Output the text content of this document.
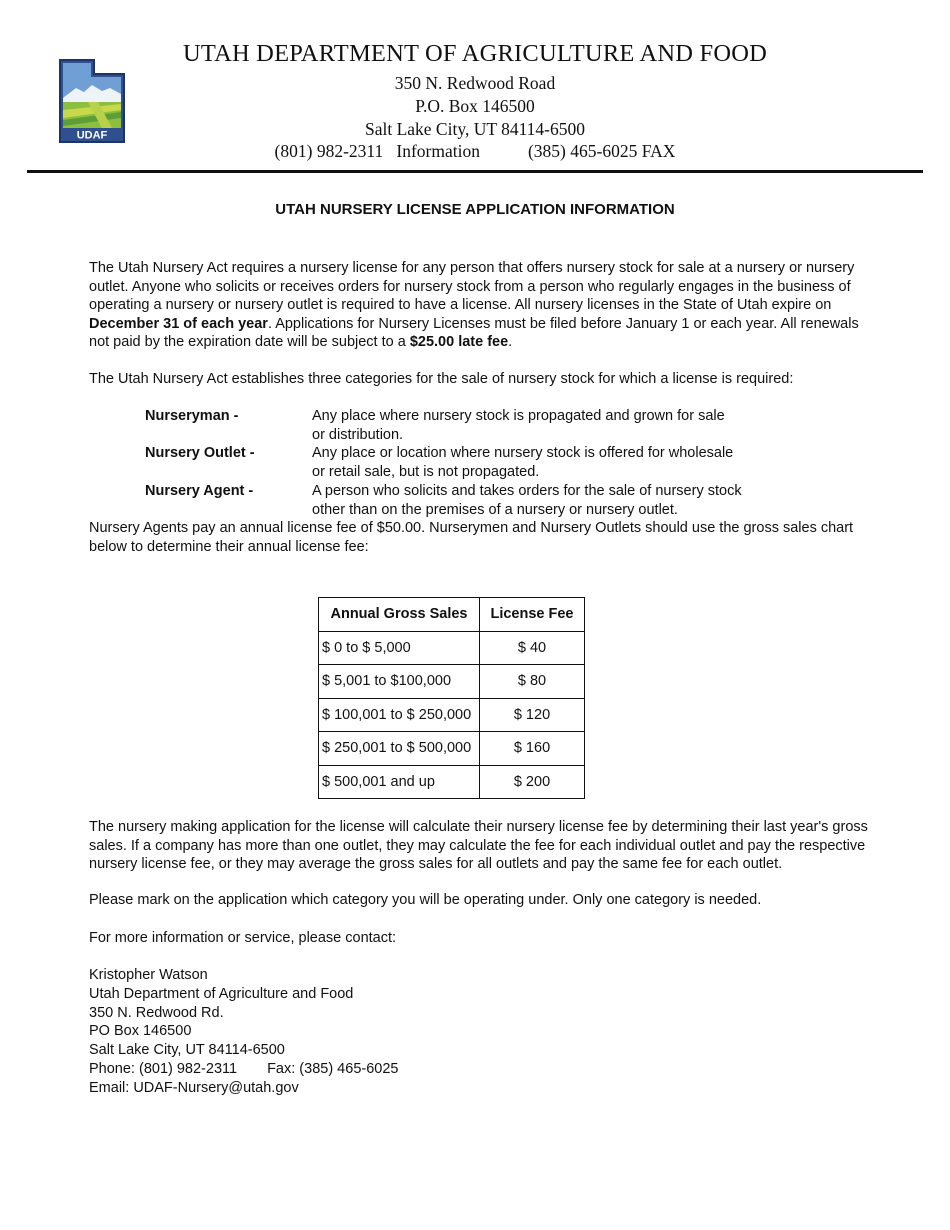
UDAF
UTAH DEPARTMENT OF AGRICULTURE AND FOOD
350 N. Redwood Road
P.O. Box 146500
Salt Lake City, UT 84114-6500
(801) 982-2311 Information	(385) 465-6025 FAX
UTAH NURSERY LICENSE APPLICATION INFORMATION
The Utah Nursery Act requires a nursery license for any person that offers nursery stock for sale at a nursery or nursery outlet. Anyone who solicits or receives orders for nursery stock from a person who regularly engages in the business of operating a nursery or nursery outlet is required to have a license. All nursery licenses in the State of Utah expire on December 31 of each year. Applications for Nursery Licenses must be filed before January 1 or each year. All renewals not paid by the expiration date will be subject to a $25.00 late fee.
The Utah Nursery Act establishes three categories for the sale of nursery stock for which a license is required:
Nurseryman -	Any place where nursery stock is propagated and grown for sale
or distribution.
Nursery Outlet -	Any place or location where nursery stock is offered for wholesale
or retail sale, but is not propagated.
Nursery Agent -	A person who solicits and takes orders for the sale of nursery stock
other than on the premises of a nursery or nursery outlet.
Nursery Agents pay an annual license fee of $50.00. Nurserymen and Nursery Outlets should use the gross sales chart below to determine their annual license fee:
Annual Gross Sales	License Fee
$ 0 to $ 5,000	$ 40
$ 5,001 to $100,000	$ 80
$ 100,001 to $ 250,000	$ 120
$ 250,001 to $ 500,000	$ 160
$ 500,001 and up	$ 200
The nursery making application for the license will calculate their nursery license fee by determining their last year's gross sales. If a company has more than one outlet, they may calculate the fee for each individual outlet and pay the respective nursery license fee, or they may average the gross sales for all outlets and pay the same fee for each outlet.
Please mark on the application which category you will be operating under. Only one category is needed.
For more information or service, please contact:
Kristopher Watson
Utah Department of Agriculture and Food
350 N. Redwood Rd.
PO Box 146500
Salt Lake City, UT 84114-6500
Phone: (801) 982-2311 Fax: (385) 465-6025
Email: UDAF-Nursery@utah.gov
